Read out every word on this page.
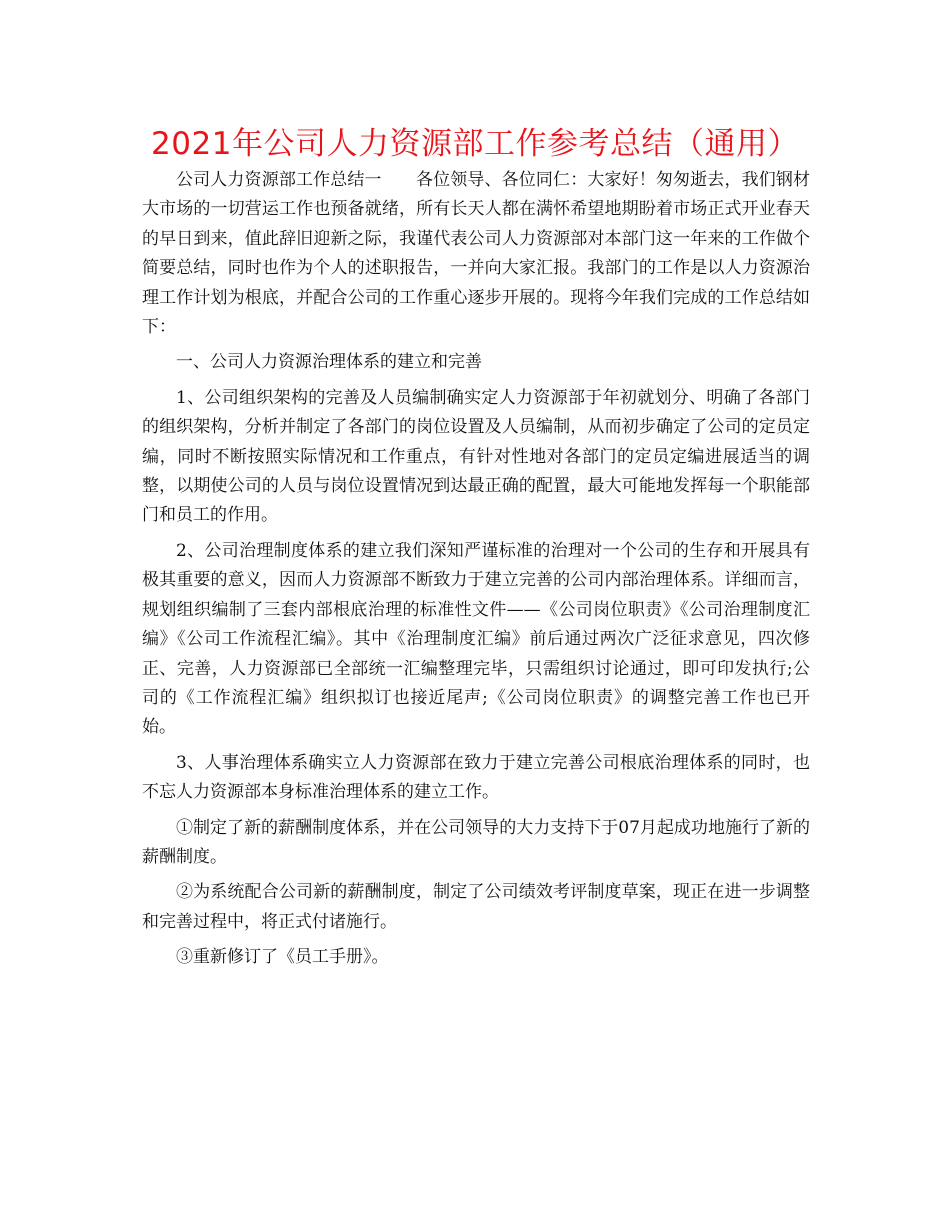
2021年公司人力资源部工作参考总结（通用）

公司人力资源部工作总结一　　各位领导、各位同仁：大家好！匆匆逝去，我们钢材大市场的一切营运工作也预备就绪，所有长天人都在满怀希望地期盼着市场正式开业春天的早日到来，值此辞旧迎新之际，我谨代表公司人力资源部对本部门这一年来的工作做个简要总结，同时也作为个人的述职报告，一并向大家汇报。我部门的工作是以人力资源治理工作计划为根底，并配合公司的工作重心逐步开展的。现将今年我们完成的工作总结如下：

一、公司人力资源治理体系的建立和完善

1、公司组织架构的完善及人员编制确实定人力资源部于年初就划分、明确了各部门的组织架构，分析并制定了各部门的岗位设置及人员编制，从而初步确定了公司的定员定编，同时不断按照实际情况和工作重点，有针对性地对各部门的定员定编进展适当的调整，以期使公司的人员与岗位设置情况到达最正确的配置，最大可能地发挥每一个职能部门和员工的作用。

2、公司治理制度体系的建立我们深知严谨标准的治理对一个公司的生存和开展具有极其重要的意义，因而人力资源部不断致力于建立完善的公司内部治理体系。详细而言，规划组织编制了三套内部根底治理的标准性文件——《公司岗位职责》《公司治理制度汇编》《公司工作流程汇编》。其中《治理制度汇编》前后通过两次广泛征求意见，四次修正、完善，人力资源部已全部统一汇编整理完毕，只需组织讨论通过，即可印发执行;公司的《工作流程汇编》组织拟订也接近尾声;《公司岗位职责》的调整完善工作也已开始。

3、人事治理体系确实立人力资源部在致力于建立完善公司根底治理体系的同时，也不忘人力资源部本身标准治理体系的建立工作。

①制定了新的薪酬制度体系，并在公司领导的大力支持下于07月起成功地施行了新的薪酬制度。

②为系统配合公司新的薪酬制度，制定了公司绩效考评制度草案，现正在进一步调整和完善过程中，将正式付诸施行。

③重新修订了《员工手册》。
